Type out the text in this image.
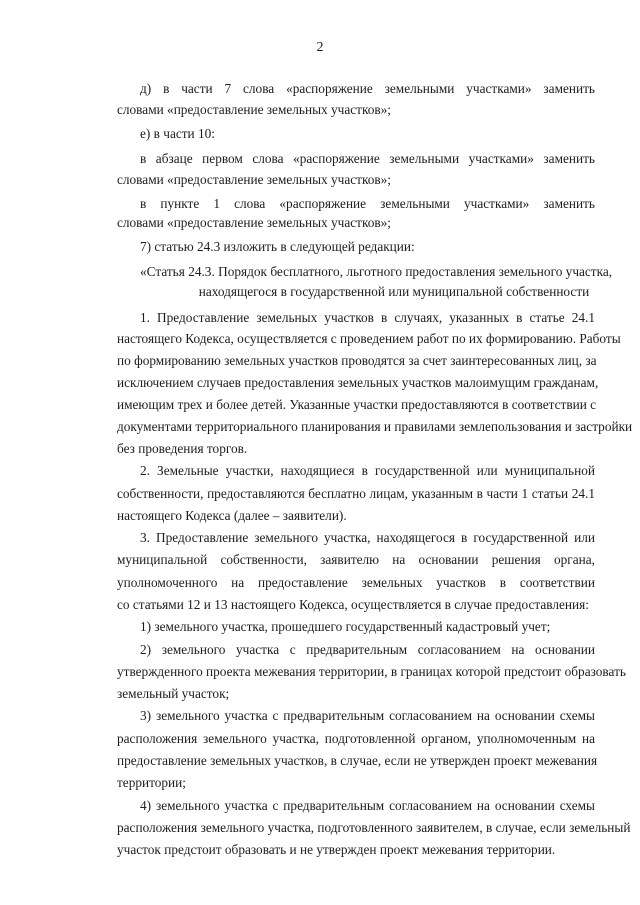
2
д) в части 7 слова «распоряжение земельными участками» заменить
словами «предоставление земельных участков»;
е) в части 10:
в абзаце первом слова «распоряжение земельными участками» заменить
словами «предоставление земельных участков»;
в пункте 1 слова «распоряжение земельными участками» заменить
словами «предоставление земельных участков»;
7) статью 24.3 изложить в следующей редакции:
«Статья 24.3. Порядок бесплатного, льготного предоставления земельного участка,
находящегося в государственной или муниципальной собственности
1. Предоставление земельных участков в случаях, указанных в статье 24.1
настоящего Кодекса, осуществляется с проведением работ по их формированию. Работы
по формированию земельных участков проводятся за счет заинтересованных лиц, за
исключением случаев предоставления земельных участков малоимущим гражданам,
имеющим трех и более детей. Указанные участки предоставляются в соответствии с
документами территориального планирования и правилами землепользования и застройки
без проведения торгов.
2. Земельные участки, находящиеся в государственной или муниципальной
собственности, предоставляются бесплатно лицам, указанным в части 1 статьи 24.1
настоящего Кодекса (далее – заявители).
3. Предоставление земельного участка, находящегося в государственной или
муниципальной собственности, заявителю на основании решения органа,
уполномоченного на предоставление земельных участков в соответствии
со статьями 12 и 13 настоящего Кодекса, осуществляется в случае предоставления:
1) земельного участка, прошедшего государственный кадастровый учет;
2) земельного участка с предварительным согласованием на основании
утвержденного проекта межевания территории, в границах которой предстоит образовать
земельный участок;
3) земельного участка с предварительным согласованием на основании схемы
расположения земельного участка, подготовленной органом, уполномоченным на
предоставление земельных участков, в случае, если не утвержден проект межевания
территории;
4) земельного участка с предварительным согласованием на основании схемы
расположения земельного участка, подготовленного заявителем, в случае, если земельный
участок предстоит образовать и не утвержден проект межевания территории.
